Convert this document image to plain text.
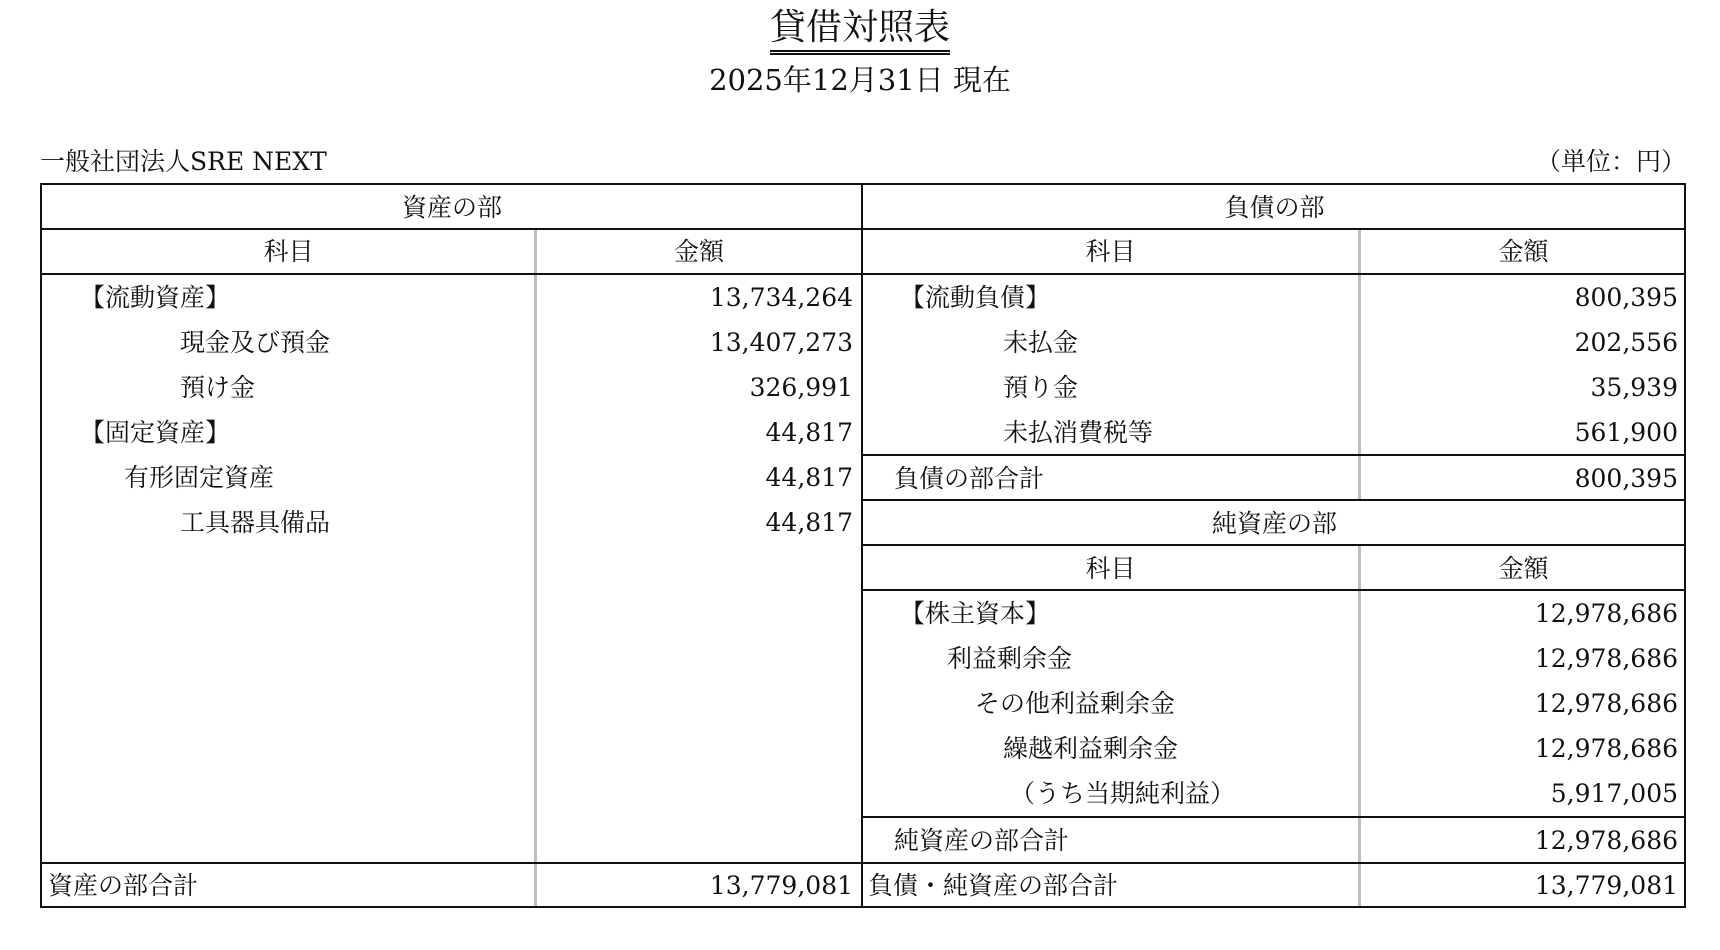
貸借対照表
2025年12月31日 現在
一般社団法人SRE NEXT	（単位：円）
資産の部
科目	金額
【流動資産】	13,734,264
現金及び預金	13,407,273
預け金	326,991
【固定資産】	44,817
有形固定資産	44,817
工具器具備品	44,817
資産の部合計	13,779,081
負債の部
科目	金額
【流動負債】	800,395
未払金	202,556
預り金	35,939
未払消費税等	561,900
負債の部合計	800,395
純資産の部
科目	金額
【株主資本】	12,978,686
利益剰余金	12,978,686
その他利益剰余金	12,978,686
繰越利益剰余金	12,978,686
（うち当期純利益）	5,917,005
純資産の部合計	12,978,686
負債・純資産の部合計	13,779,081
